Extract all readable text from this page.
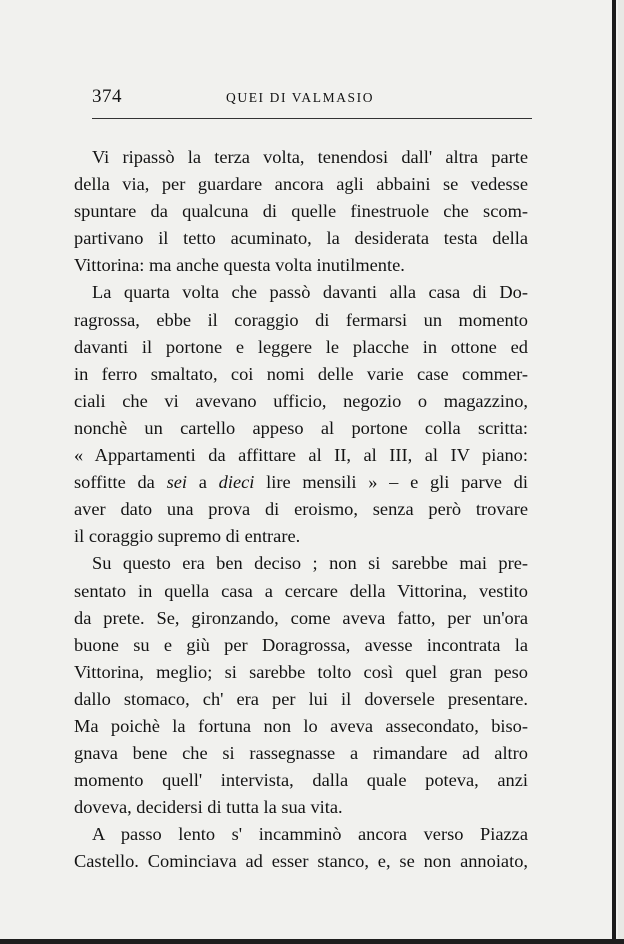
374	QUEI DI VALMASIO
Vi ripassò la terza volta, tenendosi dall' altra parte
della via, per guardare ancora agli abbaini se vedesse
spuntare da qualcuna di quelle finestruole che scom-
partivano il tetto acuminato, la desiderata testa della
Vittorina: ma anche questa volta inutilmente.
La quarta volta che passò davanti alla casa di Do-
ragrossa, ebbe il coraggio di fermarsi un momento
davanti il portone e leggere le placche in ottone ed
in ferro smaltato, coi nomi delle varie case commer-
ciali che vi avevano ufficio, negozio o magazzino,
nonchè un cartello appeso al portone colla scritta:
« Appartamenti da affittare al II, al III, al IV piano:
soffitte da sei a dieci lire mensili » – e gli parve di
aver dato una prova di eroismo, senza però trovare
il coraggio supremo di entrare.
Su questo era ben deciso ; non si sarebbe mai pre-
sentato in quella casa a cercare della Vittorina, vestito
da prete. Se, gironzando, come aveva fatto, per un'ora
buone su e giù per Doragrossa, avesse incontrata la
Vittorina, meglio; si sarebbe tolto così quel gran peso
dallo stomaco, ch' era per lui il doversele presentare.
Ma poichè la fortuna non lo aveva assecondato, biso-
gnava bene che si rassegnasse a rimandare ad altro
momento quell' intervista, dalla quale poteva, anzi
doveva, decidersi di tutta la sua vita.
A passo lento s' incamminò ancora verso Piazza
Castello. Cominciava ad esser stanco, e, se non annoiato,
